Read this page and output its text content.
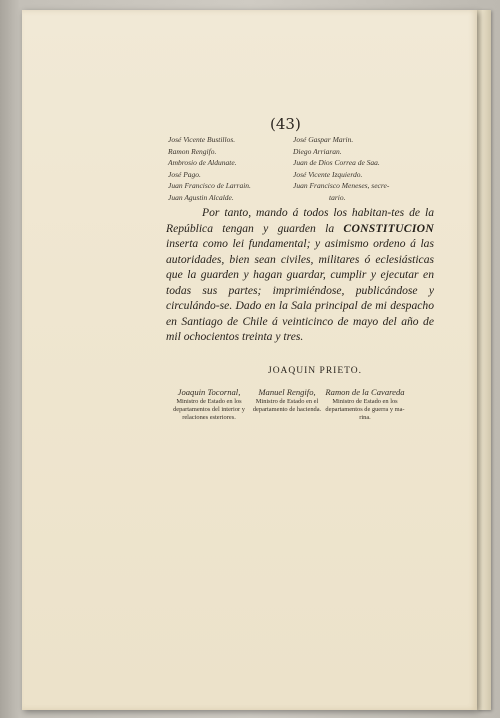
(43)
José Vicente Bustillos.
Ramon Rengifo.
Ambrosio de Aldunate.
José Pago.
Juan Francisco de Larrain.
Juan Agustin Alcalde.
José Gaspar Marin.
Diego Arriaran.
Juan de Dios Correa de Saa.
José Vicente Izquierdo.
Juan Francisco Meneses, secre-
tario.
Por tanto, mando á todos los habitan-tes de la República tengan y guarden la CONSTITUCION inserta como lei fundamental; y asimismo ordeno á las autoridades, bien sean civiles, militares ó eclesiásticas que la guarden y hagan guardar, cumplir y ejecutar en todas sus partes; imprimiéndose, publicándose y circulándo-se. Dado en la Sala principal de mi despacho en Santiago de Chile á veinticinco de mayo del año de mil ochocientos treinta y tres.
JOAQUIN PRIETO.
Joaquin Tocornal,
Ministro de Estado en los departamentos del interior y relaciones esteriores.
Manuel Rengifo,
Ministro de Estado en el departamento de hacienda.
Ramon de la Cavareda
Ministro de Estado en los departamentos de guerra y ma-rina.
